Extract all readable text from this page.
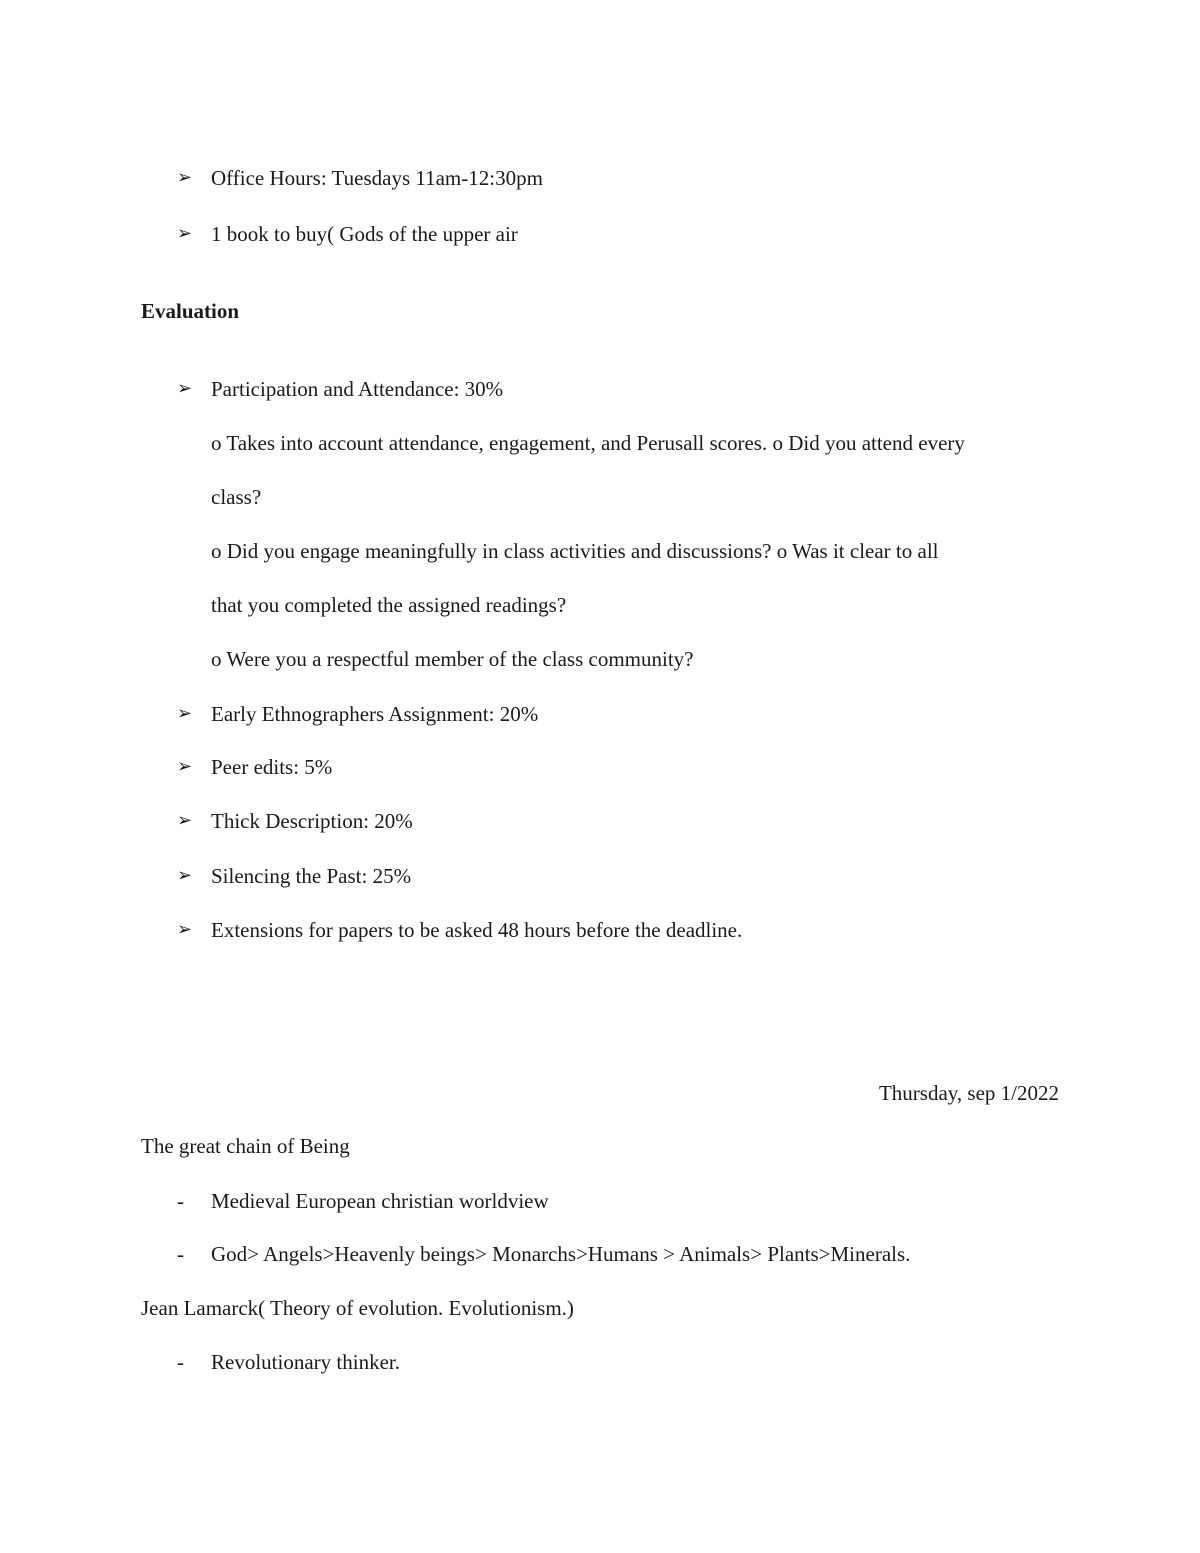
➢ Office Hours: Tuesdays 11am-12:30pm
➢ 1 book to buy( Gods of the upper air
Evaluation
➢ Participation and Attendance: 30%
o Takes into account attendance, engagement, and Perusall scores. o Did you attend every
class?
o Did you engage meaningfully in class activities and discussions? o Was it clear to all
that you completed the assigned readings?
o Were you a respectful member of the class community?
➢ Early Ethnographers Assignment: 20%
➢ Peer edits: 5%
➢ Thick Description: 20%
➢ Silencing the Past: 25%
➢ Extensions for papers to be asked 48 hours before the deadline.
Thursday, sep 1/2022
The great chain of Being
- Medieval European christian worldview
- God> Angels>Heavenly beings> Monarchs>Humans > Animals> Plants>Minerals.
Jean Lamarck( Theory of evolution. Evolutionism.)
- Revolutionary thinker.
